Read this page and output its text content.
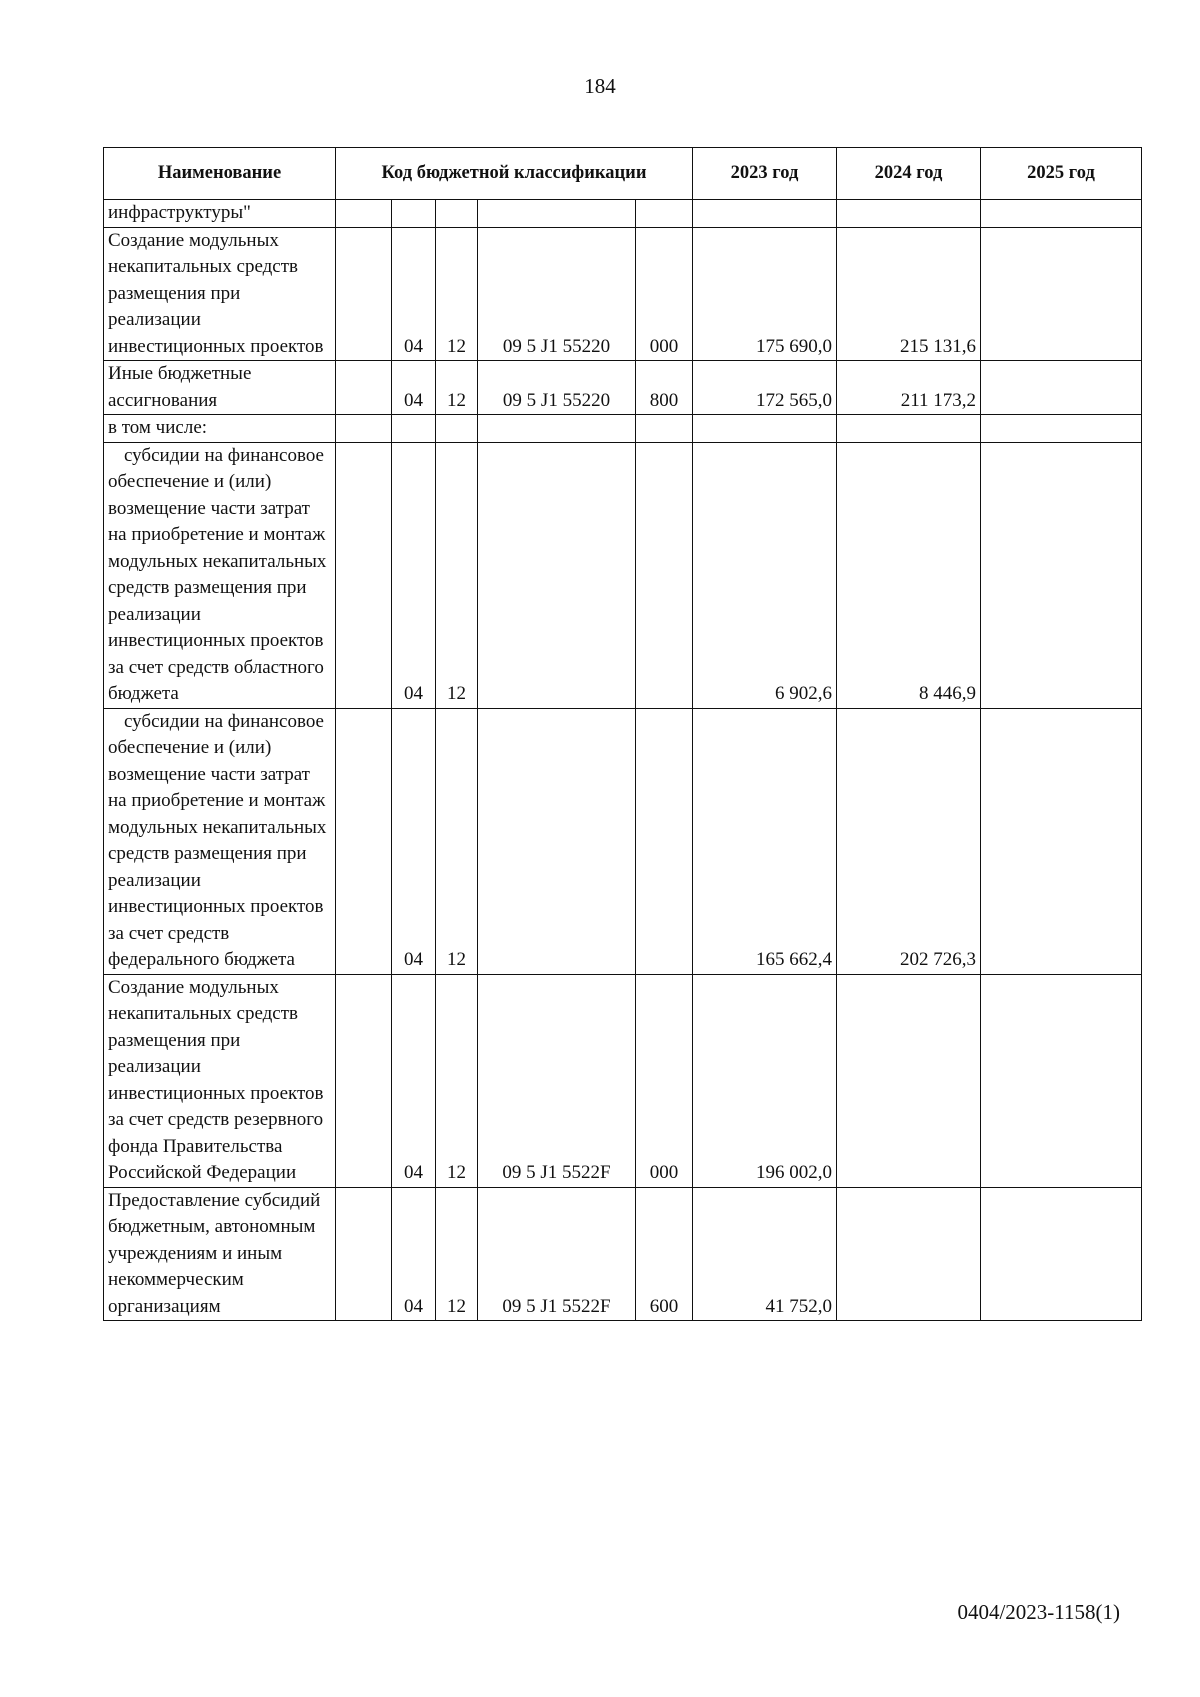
184
Наименование	Код бюджетной классификации					2023 год	2024 год	2025 год
инфраструктуры"								
Создание модульных некапитальных средств размещения при реализации инвестиционных проектов		04	12	09 5 J1 55220	000	175 690,0	215 131,6	
Иные бюджетные ассигнования		04	12	09 5 J1 55220	800	172 565,0	211 173,2	
в том числе:								
субсидии на финансовое обеспечение и (или) возмещение части затрат на приобретение и монтаж модульных некапитальных средств размещения при реализации инвестиционных проектов за счет средств областного бюджета		04	12			6 902,6	8 446,9	
субсидии на финансовое обеспечение и (или) возмещение части затрат на приобретение и монтаж модульных некапитальных средств размещения при реализации инвестиционных проектов за счет средств федерального бюджета		04	12			165 662,4	202 726,3	
Создание модульных некапитальных средств размещения при реализации инвестиционных проектов за счет средств резервного фонда Правительства Российской Федерации		04	12	09 5 J1 5522F	000	196 002,0		
Предоставление субсидий бюджетным, автономным учреждениям и иным некоммерческим организациям		04	12	09 5 J1 5522F	600	41 752,0		
0404/2023-1158(1)
